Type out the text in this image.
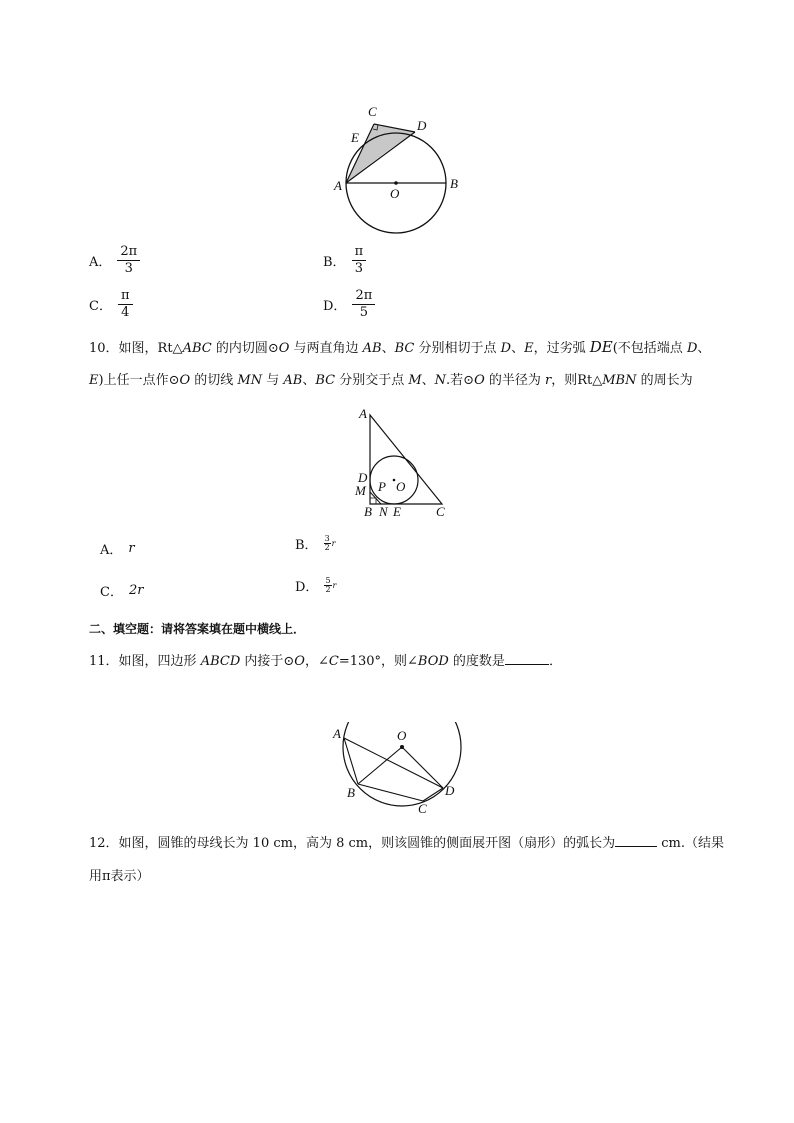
C
D
E
A
O
B
A． $\frac{2\pi}{3}$	B． $\frac{\pi}{3}$
C． $\frac{\pi}{4}$	D． $\frac{2\pi}{5}$
10．如图，Rt△ABC 的内切圆⊙O 与两直角边 AB、BC 分别相切于点 D、E，过劣弧 DE(不包括端点 D、
E)上任一点作⊙O 的切线 MN 与 AB、BC 分别交于点 M、N.若⊙O 的半径为 r，则Rt△MBN 的周长为
A
D
M P O
B N E	C
A． r	B． $\frac{3}{2}$ r
C． 2r	D． $\frac{5}{2}$ r
二、填空题：请将答案填在题中横线上．
11．如图，四边形 ABCD 内接于⊙O，∠C=130°，则∠BOD 的度数是	．
A	O
B
C
D
12．如图，圆锥的母线长为 10 cm，高为 8 cm，则该圆锥的侧面展开图（扇形）的弧长为	cm.（结果
用π表示）
